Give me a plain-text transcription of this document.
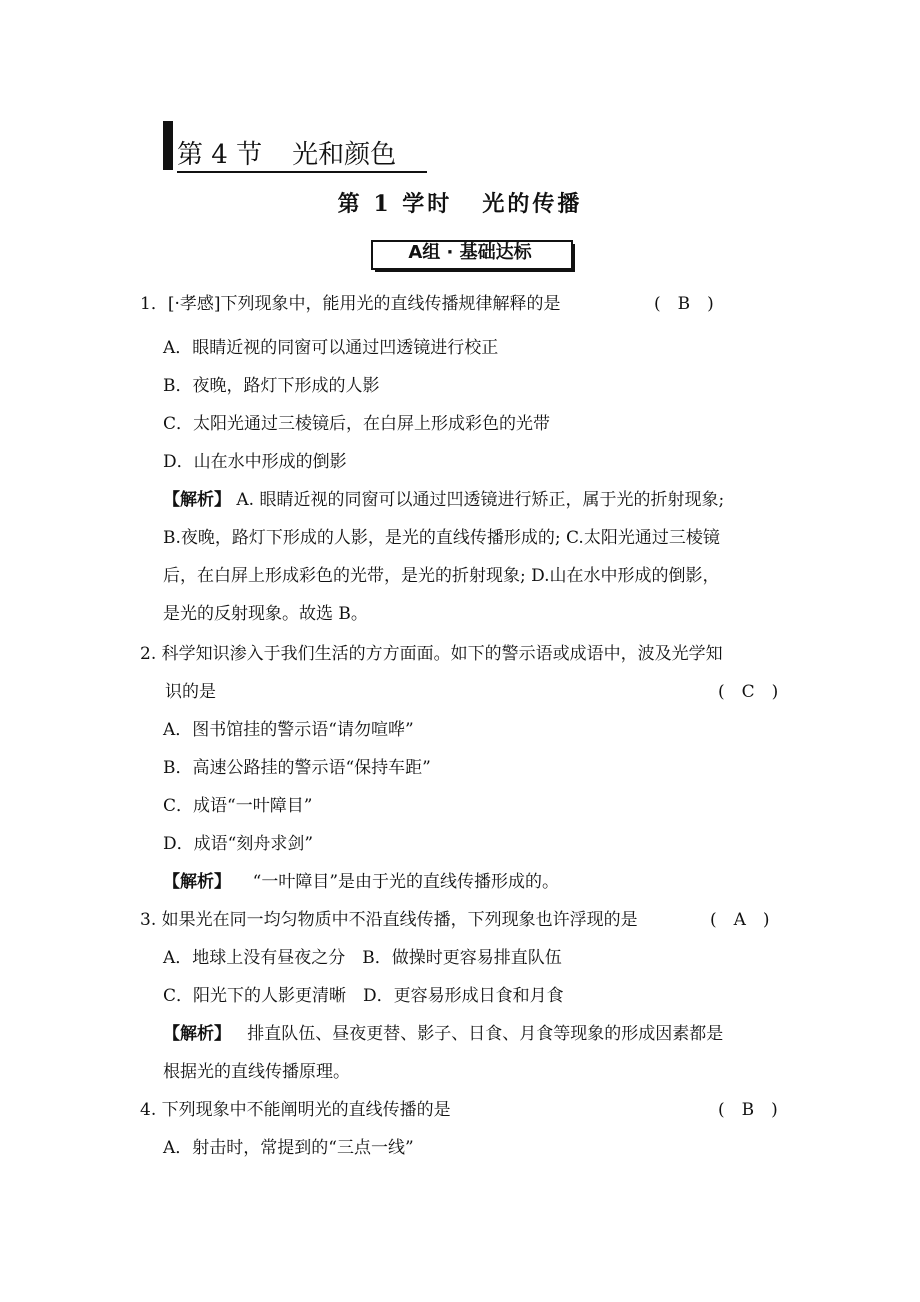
第 4 节 光和颜色
第 1 学时 光的传播
A组 · 基础达标
1．[·孝感]下列现象中，能用光的直线传播规律解释的是	(　B　)
A．眼睛近视的同窗可以通过凹透镜进行校正
B．夜晚，路灯下形成的人影
C．太阳光通过三棱镜后，在白屏上形成彩色的光带
D．山在水中形成的倒影
【解析】 A. 眼睛近视的同窗可以通过凹透镜进行矫正，属于光的折射现象;
B.夜晚，路灯下形成的人影，是光的直线传播形成的; C.太阳光通过三棱镜
后，在白屏上形成彩色的光带，是光的折射现象; D.山在水中形成的倒影，
是光的反射现象。故选 B。
2. 科学知识渗入于我们生活的方方面面。如下的警示语或成语中，波及光学知
识的是	(　C　)
A．图书馆挂的警示语“请勿喧哗”
B．高速公路挂的警示语“保持车距”
C．成语“一叶障目”
D．成语“刻舟求剑”
【解析】 “一叶障目”是由于光的直线传播形成的。
3. 如果光在同一均匀物质中不沿直线传播，下列现象也许浮现的是	(　A　)
A．地球上没有昼夜之分　B．做操时更容易排直队伍
C．阳光下的人影更清晰　D．更容易形成日食和月食
【解析】 排直队伍、昼夜更替、影子、日食、月食等现象的形成因素都是
根据光的直线传播原理。
4. 下列现象中不能阐明光的直线传播的是	(　B　)
A．射击时，常提到的“三点一线”
